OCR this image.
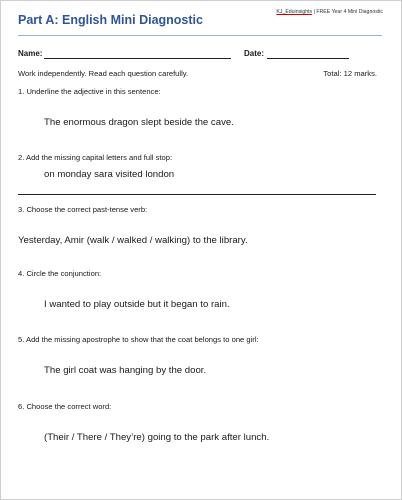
KJ_Eduinsights | FREE Year 4 Mini Diagnostic
Part A: English Mini Diagnostic
Name:	Date:
Work independently. Read each question carefully.	Total: 12 marks.
1. Underline the adjective in this sentence:
The enormous dragon slept beside the cave.
2. Add the missing capital letters and full stop:
on monday sara visited london
3. Choose the correct past-tense verb:
Yesterday, Amir (walk / walked / walking) to the library.
4. Circle the conjunction:
I wanted to play outside but it began to rain.
5. Add the missing apostrophe to show that the coat belongs to one girl:
The girl coat was hanging by the door.
6. Choose the correct word:
(Their / There / They’re) going to the park after lunch.
